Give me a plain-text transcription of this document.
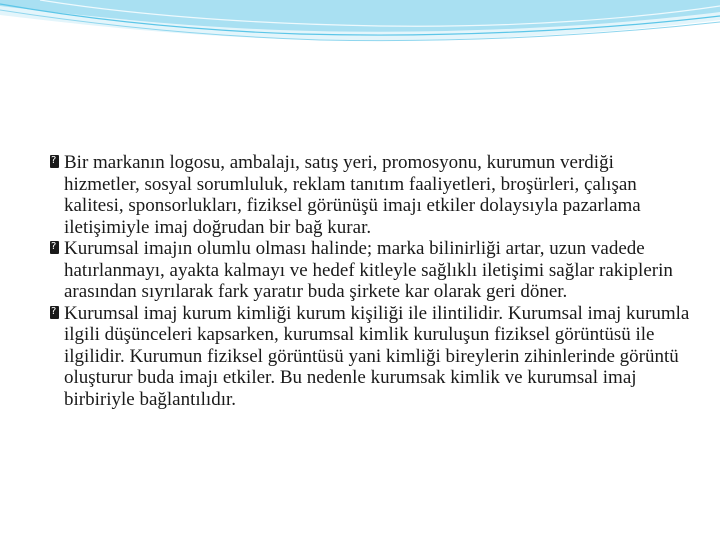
?
Bir markanın logosu, ambalajı, satış yeri, promosyonu, kurumun verdiği hizmetler, sosyal sorumluluk, reklam tanıtım faaliyetleri, broşürleri, çalışan kalitesi, sponsorlukları, fiziksel görünüşü imajı etkiler dolaysıyla pazarlama iletişimiyle imaj doğrudan bir bağ kurar.

?
Kurumsal imajın olumlu olması halinde; marka bilinirliği artar, uzun vadede hatırlanmayı, ayakta kalmayı ve hedef kitleyle sağlıklı iletişimi sağlar rakiplerin arasından sıyrılarak fark yaratır buda şirkete kar olarak geri döner.

?
Kurumsal imaj kurum kimliği kurum kişiliği ile ilintilidir. Kurumsal imaj kurumla ilgili düşünceleri kapsarken, kurumsal kimlik kuruluşun fiziksel görüntüsü ile ilgilidir. Kurumun fiziksel görüntüsü yani kimliği bireylerin zihinlerinde görüntü oluşturur buda imajı etkiler. Bu nedenle kurumsak kimlik ve kurumsal imaj birbiriyle bağlantılıdır.
